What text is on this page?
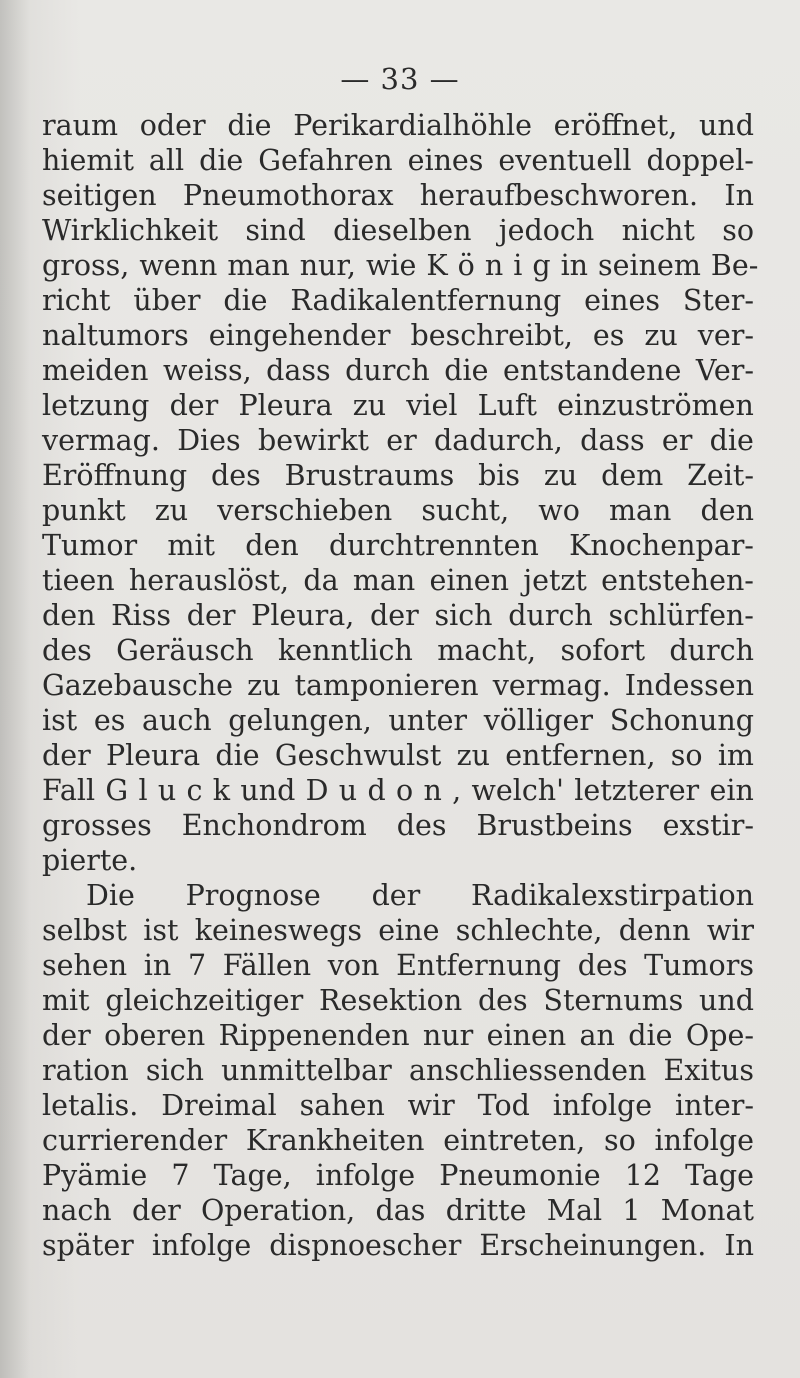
— 33 —
raum oder die Perikardialhöhle eröffnet, und
hiemit all die Gefahren eines eventuell doppel-
seitigen Pneumothorax heraufbeschworen. In
Wirklichkeit sind dieselben jedoch nicht so
gross, wenn man nur, wie K ö n i g in seinem Be-
richt über die Radikalentfernung eines Ster-
naltumors eingehender beschreibt, es zu ver-
meiden weiss, dass durch die entstandene Ver-
letzung der Pleura zu viel Luft einzuströmen
vermag. Dies bewirkt er dadurch, dass er die
Eröffnung des Brustraums bis zu dem Zeit-
punkt zu verschieben sucht, wo man den
Tumor mit den durchtrennten Knochenpar-
tieen herauslöst, da man einen jetzt entstehen-
den Riss der Pleura, der sich durch schlürfen-
des Geräusch kenntlich macht, sofort durch
Gazebausche zu tamponieren vermag. Indessen
ist es auch gelungen, unter völliger Schonung
der Pleura die Geschwulst zu entfernen, so im
Fall G l u c k und D u d o n , welch' letzterer ein
grosses Enchondrom des Brustbeins exstir-
pierte.
Die Prognose der Radikalexstirpation
selbst ist keineswegs eine schlechte, denn wir
sehen in 7 Fällen von Entfernung des Tumors
mit gleichzeitiger Resektion des Sternums und
der oberen Rippenenden nur einen an die Ope-
ration sich unmittelbar anschliessenden Exitus
letalis. Dreimal sahen wir Tod infolge inter-
currierender Krankheiten eintreten, so infolge
Pyämie 7 Tage, infolge Pneumonie 12 Tage
nach der Operation, das dritte Mal 1 Monat
später infolge dispnoescher Erscheinungen. In
